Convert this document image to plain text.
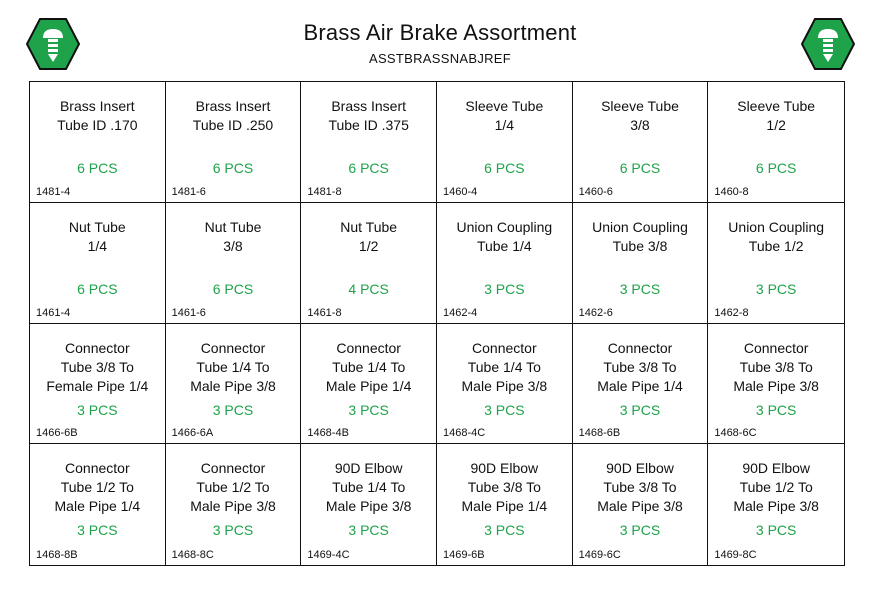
Brass Air Brake Assortment
ASSTBRASSNABJREF
Brass Insert
Tube ID .170
6 PCS
1481-4
Brass Insert
Tube ID .250
6 PCS
1481-6
Brass Insert
Tube ID .375
6 PCS
1481-8
Sleeve Tube
1/4
6 PCS
1460-4
Sleeve Tube
3/8
6 PCS
1460-6
Sleeve Tube
1/2
6 PCS
1460-8
Nut Tube
1/4
6 PCS
1461-4
Nut Tube
3/8
6 PCS
1461-6
Nut Tube
1/2
4 PCS
1461-8
Union Coupling
Tube 1/4
3 PCS
1462-4
Union Coupling
Tube 3/8
3 PCS
1462-6
Union Coupling
Tube 1/2
3 PCS
1462-8
Connector
Tube 3/8 To
Female Pipe 1/4
3 PCS
1466-6B
Connector
Tube 1/4 To
Male Pipe 3/8
3 PCS
1466-6A
Connector
Tube 1/4 To
Male Pipe 1/4
3 PCS
1468-4B
Connector
Tube 1/4 To
Male Pipe 3/8
3 PCS
1468-4C
Connector
Tube 3/8 To
Male Pipe 1/4
3 PCS
1468-6B
Connector
Tube 3/8 To
Male Pipe 3/8
3 PCS
1468-6C
Connector
Tube 1/2 To
Male Pipe 1/4
3 PCS
1468-8B
Connector
Tube 1/2 To
Male Pipe 3/8
3 PCS
1468-8C
90D Elbow
Tube 1/4 To
Male Pipe 3/8
3 PCS
1469-4C
90D Elbow
Tube 3/8 To
Male Pipe 1/4
3 PCS
1469-6B
90D Elbow
Tube 3/8 To
Male Pipe 3/8
3 PCS
1469-6C
90D Elbow
Tube 1/2 To
Male Pipe 3/8
3 PCS
1469-8C
